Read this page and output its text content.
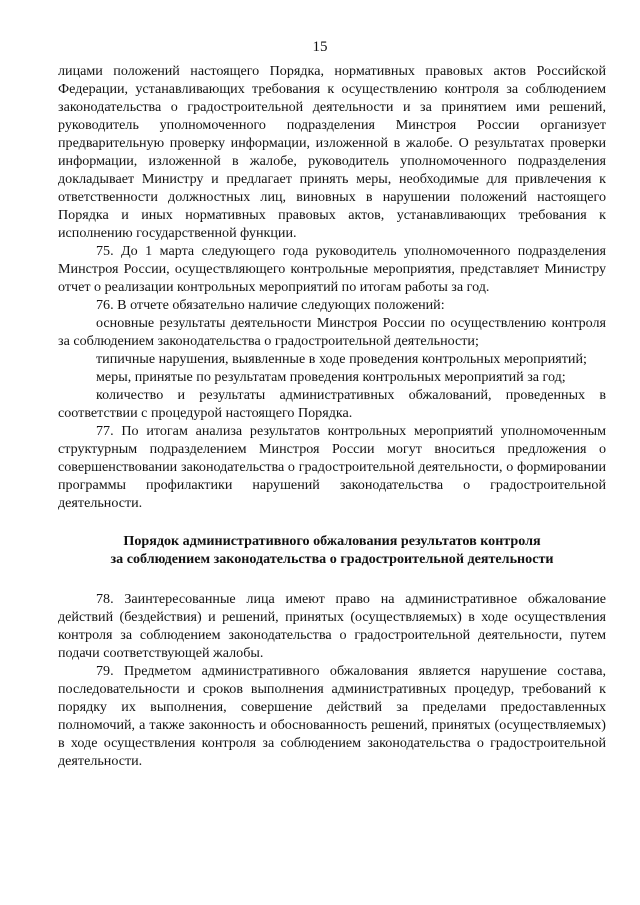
15

лицами положений настоящего Порядка, нормативных правовых актов Российской Федерации, устанавливающих требования к осуществлению контроля за соблюдением законодательства о градостроительной деятельности и за принятием ими решений, руководитель уполномоченного подразделения Минстроя России организует предварительную проверку информации, изложенной в жалобе. О результатах проверки информации, изложенной в жалобе, руководитель уполномоченного подразделения докладывает Министру и предлагает принять меры, необходимые для привлечения к ответственности должностных лиц, виновных в нарушении положений настоящего Порядка и иных нормативных правовых актов, устанавливающих требования к исполнению государственной функции.

75. До 1 марта следующего года руководитель уполномоченного подразделения Минстроя России, осуществляющего контрольные мероприятия, представляет Министру отчет о реализации контрольных мероприятий по итогам работы за год.

76. В отчете обязательно наличие следующих положений:

основные результаты деятельности Минстроя России по осуществлению контроля за соблюдением законодательства о градостроительной деятельности;

типичные нарушения, выявленные в ходе проведения контрольных мероприятий;

меры, принятые по результатам проведения контрольных мероприятий за год;

количество и результаты административных обжалований, проведенных в соответствии с процедурой настоящего Порядка.

77. По итогам анализа результатов контрольных мероприятий уполномоченным структурным подразделением Минстроя России могут вноситься предложения о совершенствовании законодательства о градостроительной деятельности, о формировании программы профилактики нарушений законодательства о градостроительной деятельности.

Порядок административного обжалования результатов контроля

за соблюдением законодательства о градостроительной деятельности

78. Заинтересованные лица имеют право на административное обжалование действий (бездействия) и решений, принятых (осуществляемых) в ходе осуществления контроля за соблюдением законодательства о градостроительной деятельности, путем подачи соответствующей жалобы.

79. Предметом административного обжалования является нарушение состава, последовательности и сроков выполнения административных процедур, требований к порядку их выполнения, совершение действий за пределами предоставленных полномочий, а также законность и обоснованность решений, принятых (осуществляемых) в ходе осуществления контроля за соблюдением законодательства о градостроительной деятельности.
